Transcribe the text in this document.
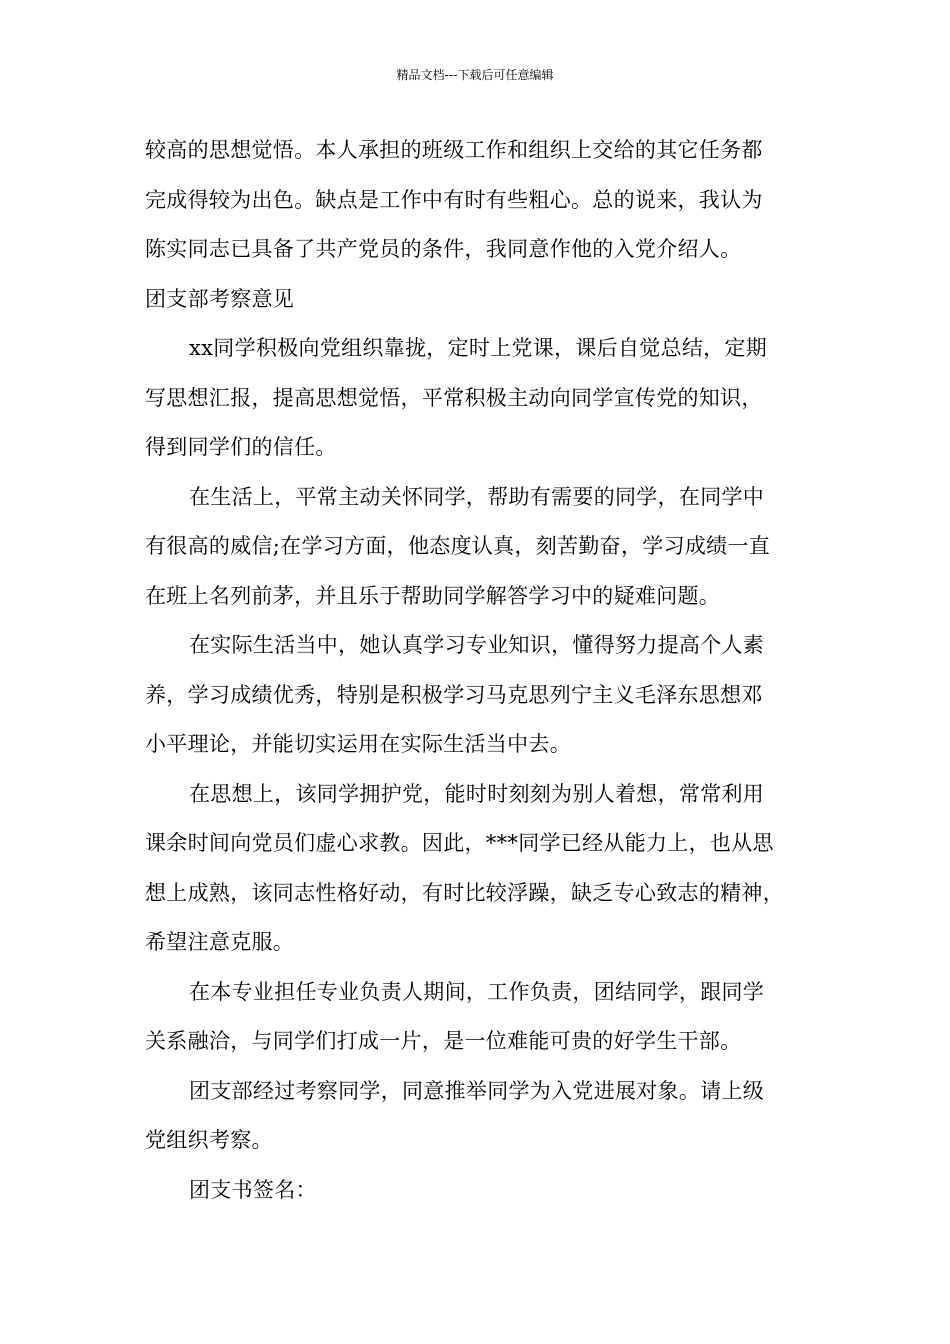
精品文档---下载后可任意编辑
较高的思想觉悟。本人承担的班级工作和组织上交给的其它任务都
完成得较为出色。缺点是工作中有时有些粗心。总的说来，我认为
陈实同志已具备了共产党员的条件，我同意作他的入党介绍人。
团支部考察意见
xx同学积极向党组织靠拢，定时上党课，课后自觉总结，定期
写思想汇报，提高思想觉悟，平常积极主动向同学宣传党的知识，
得到同学们的信任。
在生活上，平常主动关怀同学，帮助有需要的同学，在同学中
有很高的威信;在学习方面，他态度认真，刻苦勤奋，学习成绩一直
在班上名列前茅，并且乐于帮助同学解答学习中的疑难问题。
在实际生活当中，她认真学习专业知识，懂得努力提高个人素
养，学习成绩优秀，特别是积极学习马克思列宁主义毛泽东思想邓
小平理论，并能切实运用在实际生活当中去。
在思想上，该同学拥护党，能时时刻刻为别人着想，常常利用
课余时间向党员们虚心求教。因此，***同学已经从能力上，也从思
想上成熟，该同志性格好动，有时比较浮躁，缺乏专心致志的精神，
希望注意克服。
在本专业担任专业负责人期间，工作负责，团结同学，跟同学
关系融洽，与同学们打成一片，是一位难能可贵的好学生干部。
团支部经过考察同学，同意推举同学为入党进展对象。请上级
党组织考察。
团支书签名：
